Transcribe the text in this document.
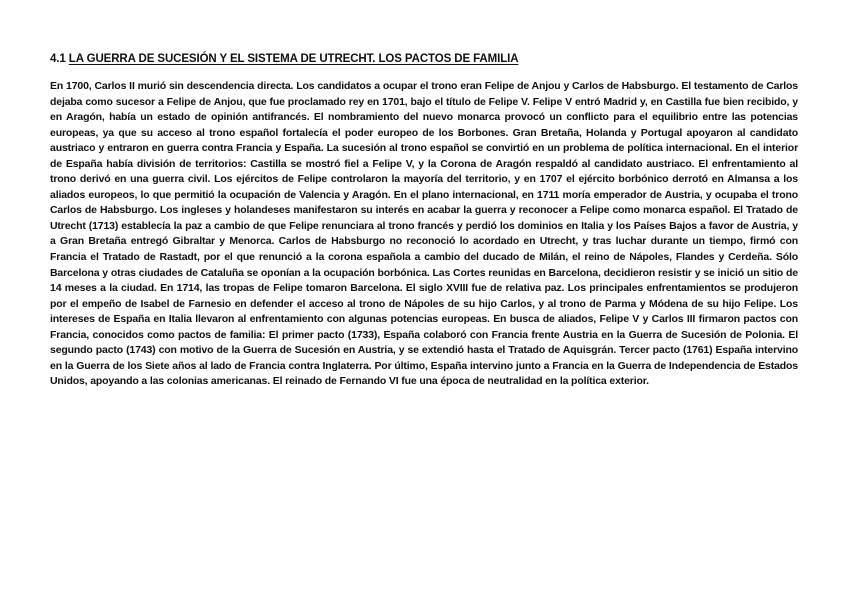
4.1 LA GUERRA DE SUCESIÓN Y EL SISTEMA DE UTRECHT. LOS PACTOS DE FAMILIA

En 1700, Carlos II murió sin descendencia directa. Los candidatos a ocupar el trono eran Felipe de Anjou y Carlos de Habsburgo. El testamento de Carlos dejaba como sucesor a Felipe de Anjou, que fue proclamado rey en 1701, bajo el título de Felipe V. Felipe V entró Madrid y, en Castilla fue bien recibido, y en Aragón, había un estado de opinión antifrancés. El nombramiento del nuevo monarca provocó un conflicto para el equilibrio entre las potencias europeas, ya que su acceso al trono español fortalecía el poder europeo de los Borbones. Gran Bretaña, Holanda y Portugal apoyaron al candidato austriaco y entraron en guerra contra Francia y España. La sucesión al trono español se convirtió en un problema de política internacional. En el interior de España había división de territorios: Castilla se mostró fiel a Felipe V, y la Corona de Aragón respaldó al candidato austriaco. El enfrentamiento al trono derivó en una guerra civil. Los ejércitos de Felipe controlaron la mayoría del territorio, y en 1707 el ejército borbónico derrotó en Almansa a los aliados europeos, lo que permitió la ocupación de Valencia y Aragón. En el plano internacional, en 1711 moría emperador de Austria, y ocupaba el trono Carlos de Habsburgo. Los ingleses y holandeses manifestaron su interés en acabar la guerra y reconocer a Felipe como monarca español. El Tratado de Utrecht (1713) establecía la paz a cambio de que Felipe renunciara al trono francés y perdió los dominios en Italia y los Países Bajos a favor de Austria, y a Gran Bretaña entregó Gibraltar y Menorca. Carlos de Habsburgo no reconoció lo acordado en Utrecht, y tras luchar durante un tiempo, firmó con Francia el Tratado de Rastadt, por el que renunció a la corona española a cambio del ducado de Milán, el reino de Nápoles, Flandes y Cerdeña. Sólo Barcelona y otras ciudades de Cataluña se oponían a la ocupación borbónica. Las Cortes reunidas en Barcelona, decidieron resistir y se inició un sitio de 14 meses a la ciudad. En 1714, las tropas de Felipe tomaron Barcelona. El siglo XVIII fue de relativa paz. Los principales enfrentamientos se produjeron por el empeño de Isabel de Farnesio en defender el acceso al trono de Nápoles de su hijo Carlos, y al trono de Parma y Módena de su hijo Felipe. Los intereses de España en Italia llevaron al enfrentamiento con algunas potencias europeas. En busca de aliados, Felipe V y Carlos III firmaron pactos con Francia, conocidos como pactos de familia: El primer pacto (1733), España colaboró con Francia frente Austria en la Guerra de Sucesión de Polonia. El segundo pacto (1743) con motivo de la Guerra de Sucesión en Austria, y se extendió hasta el Tratado de Aquisgrán. Tercer pacto (1761) España intervino en la Guerra de los Siete años al lado de Francia contra Inglaterra. Por último, España intervino junto a Francia en la Guerra de Independencia de Estados Unidos, apoyando a las colonias americanas. El reinado de Fernando VI fue una época de neutralidad en la política exterior.
